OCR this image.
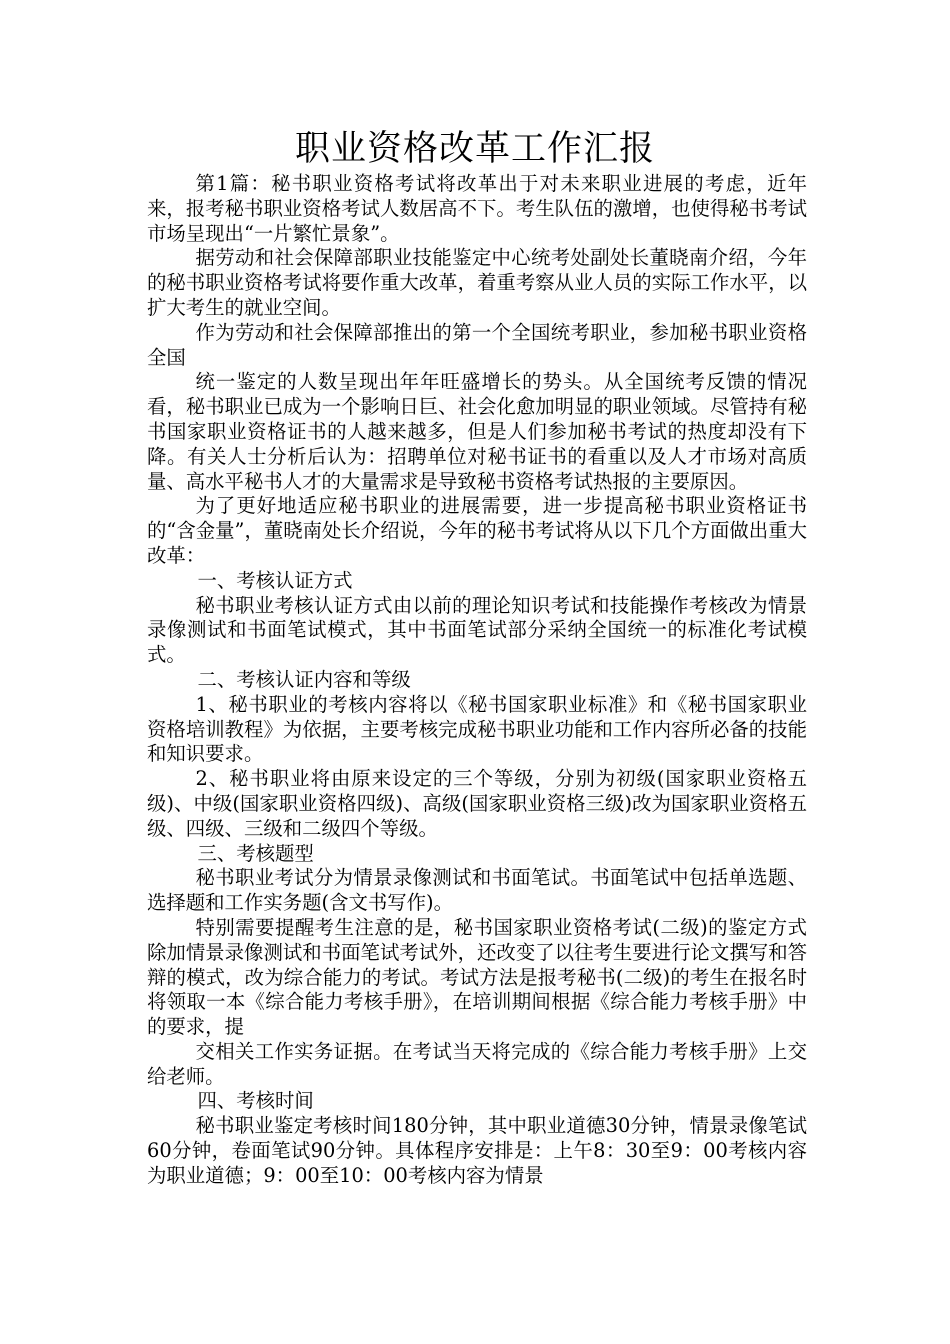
职业资格改革工作汇报

第1篇：秘书职业资格考试将改革出于对未来职业进展的考虑，近年来，报考秘书职业资格考试人数居高不下。考生队伍的激增，也使得秘书考试市场呈现出“一片繁忙景象”。

据劳动和社会保障部职业技能鉴定中心统考处副处长董晓南介绍，今年的秘书职业资格考试将要作重大改革，着重考察从业人员的实际工作水平，以扩大考生的就业空间。

作为劳动和社会保障部推出的第一个全国统考职业，参加秘书职业资格全国

统一鉴定的人数呈现出年年旺盛增长的势头。从全国统考反馈的情况看，秘书职业已成为一个影响日巨、社会化愈加明显的职业领域。尽管持有秘书国家职业资格证书的人越来越多，但是人们参加秘书考试的热度却没有下降。有关人士分析后认为：招聘单位对秘书证书的看重以及人才市场对高质量、高水平秘书人才的大量需求是导致秘书资格考试热报的主要原因。

为了更好地适应秘书职业的进展需要，进一步提高秘书职业资格证书的“含金量”，董晓南处长介绍说，今年的秘书考试将从以下几个方面做出重大改革：

一、考核认证方式

秘书职业考核认证方式由以前的理论知识考试和技能操作考核改为情景录像测试和书面笔试模式，其中书面笔试部分采纳全国统一的标准化考试模式。

二、考核认证内容和等级

1、秘书职业的考核内容将以《秘书国家职业标准》和《秘书国家职业资格培训教程》为依据，主要考核完成秘书职业功能和工作内容所必备的技能和知识要求。

2、秘书职业将由原来设定的三个等级，分别为初级(国家职业资格五级)、中级(国家职业资格四级)、高级(国家职业资格三级)改为国家职业资格五级、四级、三级和二级四个等级。

三、考核题型

秘书职业考试分为情景录像测试和书面笔试。书面笔试中包括单选题、选择题和工作实务题(含文书写作)。

特别需要提醒考生注意的是，秘书国家职业资格考试(二级)的鉴定方式除加情景录像测试和书面笔试考试外，还改变了以往考生要进行论文撰写和答辩的模式，改为综合能力的考试。考试方法是报考秘书(二级)的考生在报名时将领取一本《综合能力考核手册》，在培训期间根据《综合能力考核手册》中的要求，提

交相关工作实务证据。在考试当天将完成的《综合能力考核手册》上交给老师。

四、考核时间

秘书职业鉴定考核时间180分钟，其中职业道德30分钟，情景录像笔试60分钟，卷面笔试90分钟。具体程序安排是：上午8：30至9：00考核内容为职业道德；9：00至10：00考核内容为情景
